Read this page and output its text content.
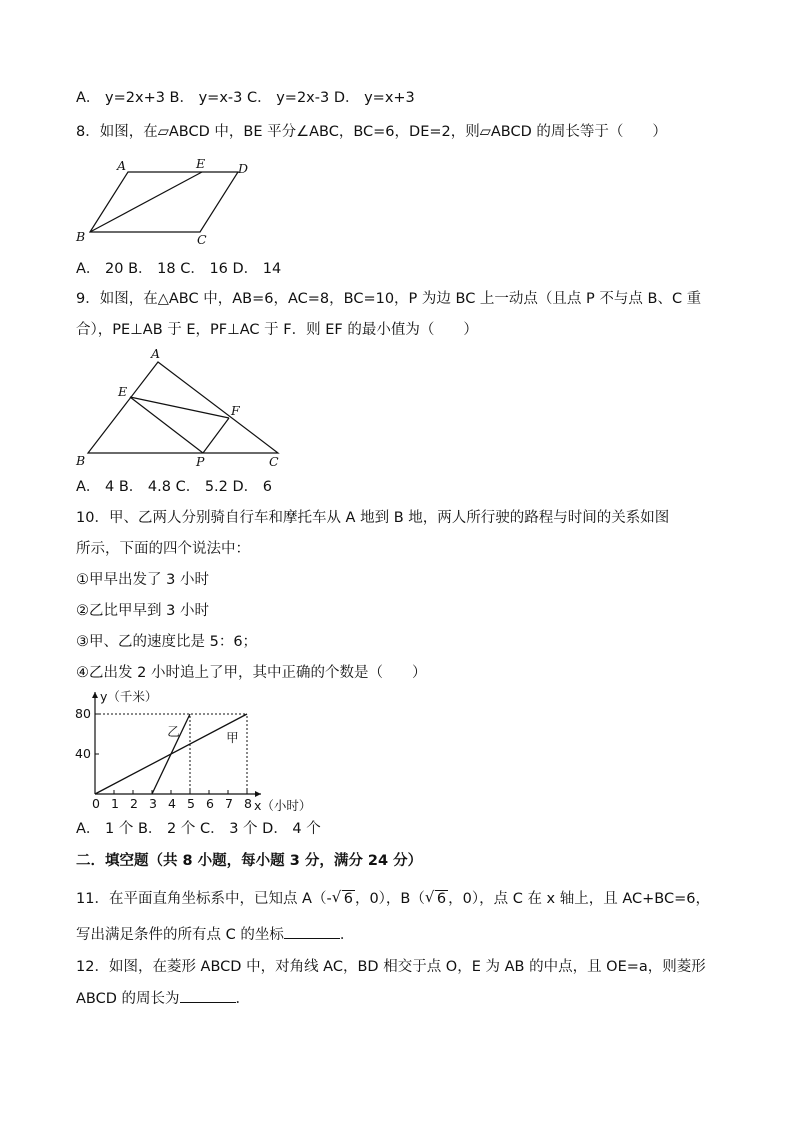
A． y=2x+3 B． y=x-3 C． y=2x-3 D． y=x+3
8．如图，在▱ABCD 中，BE 平分∠ABC，BC=6，DE=2，则▱ABCD 的周长等于（　　）
A	E	D
B	C
A． 20 B． 18 C． 16 D． 14
9．如图，在△ABC 中，AB=6，AC=8，BC=10，P 为边 BC 上一动点（且点 P 不与点 B、C 重
合），PE⊥AB 于 E，PF⊥AC 于 F．则 EF 的最小值为（　　）
A
E
F
B	P	C
A． 4 B． 4.8 C． 5.2 D． 6
10．甲、乙两人分别骑自行车和摩托车从 A 地到 B 地，两人所行驶的路程与时间的关系如图
所示，下面的四个说法中：
①甲早出发了 3 小时
②乙比甲早到 3 小时
③甲、乙的速度比是 5：6；
④乙出发 2 小时追上了甲，其中正确的个数是（　　）
0 1 2 3 4 5 6 7 8
40
80
甲
乙
y（千米）
x（小时）
A． 1 个 B． 2 个 C． 3 个 D． 4 个
二．填空题（共 8 小题，每小题 3 分，满分 24 分）
11．在平面直角坐标系中，已知点 A（- √ 6 ，0），B（ √ 6 ，0），点 C 在 x 轴上，且 AC+BC=6，
写出满足条件的所有点 C 的坐标	．
12．如图，在菱形 ABCD 中，对角线 AC，BD 相交于点 O，E 为 AB 的中点，且 OE=a，则菱形
ABCD 的周长为	．
